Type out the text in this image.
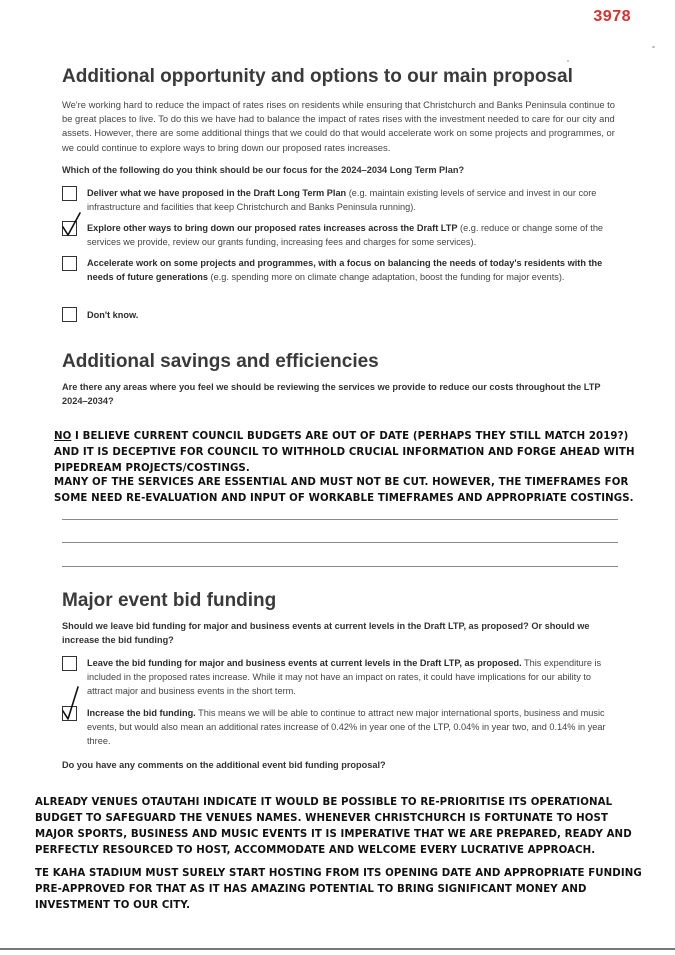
3978
Additional opportunity and options to our main proposal

We're working hard to reduce the impact of rates rises on residents while ensuring that Christchurch and Banks Peninsula continue to be great places to live. To do this we have had to balance the impact of rates rises with the investment needed to care for our city and assets. However, there are some additional things that we could do that would accelerate work on some projects and programmes, or we could continue to explore ways to bring down our proposed rates increases.

Which of the following do you think should be our focus for the 2024–2034 Long Term Plan?

Deliver what we have proposed in the Draft Long Term Plan (e.g. maintain existing levels of service and invest in our core infrastructure and facilities that keep Christchurch and Banks Peninsula running).
Explore other ways to bring down our proposed rates increases across the Draft LTP (e.g. reduce or change some of the services we provide, review our grants funding, increasing fees and charges for some services).
Accelerate work on some projects and programmes, with a focus on balancing the needs of today's residents with the needs of future generations (e.g. spending more on climate change adaptation, boost the funding for major events).
Don't know.
Additional savings and efficiencies

Are there any areas where you feel we should be reviewing the services we provide to reduce our costs throughout the LTP 2024–2034?

NO I BELIEVE CURRENT COUNCIL BUDGETS ARE OUT OF DATE (PERHAPS THEY STILL MATCH 2019?) AND IT IS DECEPTIVE FOR COUNCIL TO WITHHOLD CRUCIAL INFORMATION AND FORGE AHEAD WITH PIPEDREAM PROJECTS/COSTINGS.

MANY OF THE SERVICES ARE ESSENTIAL AND MUST NOT BE CUT. HOWEVER, THE TIMEFRAMES FOR SOME NEED RE-EVALUATION AND INPUT OF WORKABLE TIMEFRAMES AND APPROPRIATE COSTINGS.

Major event bid funding

Should we leave bid funding for major and business events at current levels in the Draft LTP, as proposed? Or should we increase the bid funding?

Leave the bid funding for major and business events at current levels in the Draft LTP, as proposed. This expenditure is included in the proposed rates increase. While it may not have an impact on rates, it could have implications for our ability to attract major and business events in the short term.
Increase the bid funding. This means we will be able to continue to attract new major international sports, business and music events, but would also mean an additional rates increase of 0.42% in year one of the LTP, 0.04% in year two, and 0.14% in year three.

Do you have any comments on the additional event bid funding proposal?

ALREADY VENUES OTAUTAHI INDICATE IT WOULD BE POSSIBLE TO RE-PRIORITISE ITS OPERATIONAL BUDGET TO SAFEGUARD THE VENUES NAMES. WHENEVER CHRISTCHURCH IS FORTUNATE TO HOST MAJOR SPORTS, BUSINESS AND MUSIC EVENTS IT IS IMPERATIVE THAT WE ARE PREPARED, READY AND PERFECTLY RESOURCED TO HOST, ACCOMMODATE AND WELCOME EVERY LUCRATIVE APPROACH.

TE KAHA STADIUM MUST SURELY START HOSTING FROM ITS OPENING DATE AND APPROPRIATE FUNDING PRE-APPROVED FOR THAT AS IT HAS AMAZING POTENTIAL TO BRING SIGNIFICANT MONEY AND INVESTMENT TO OUR CITY.
